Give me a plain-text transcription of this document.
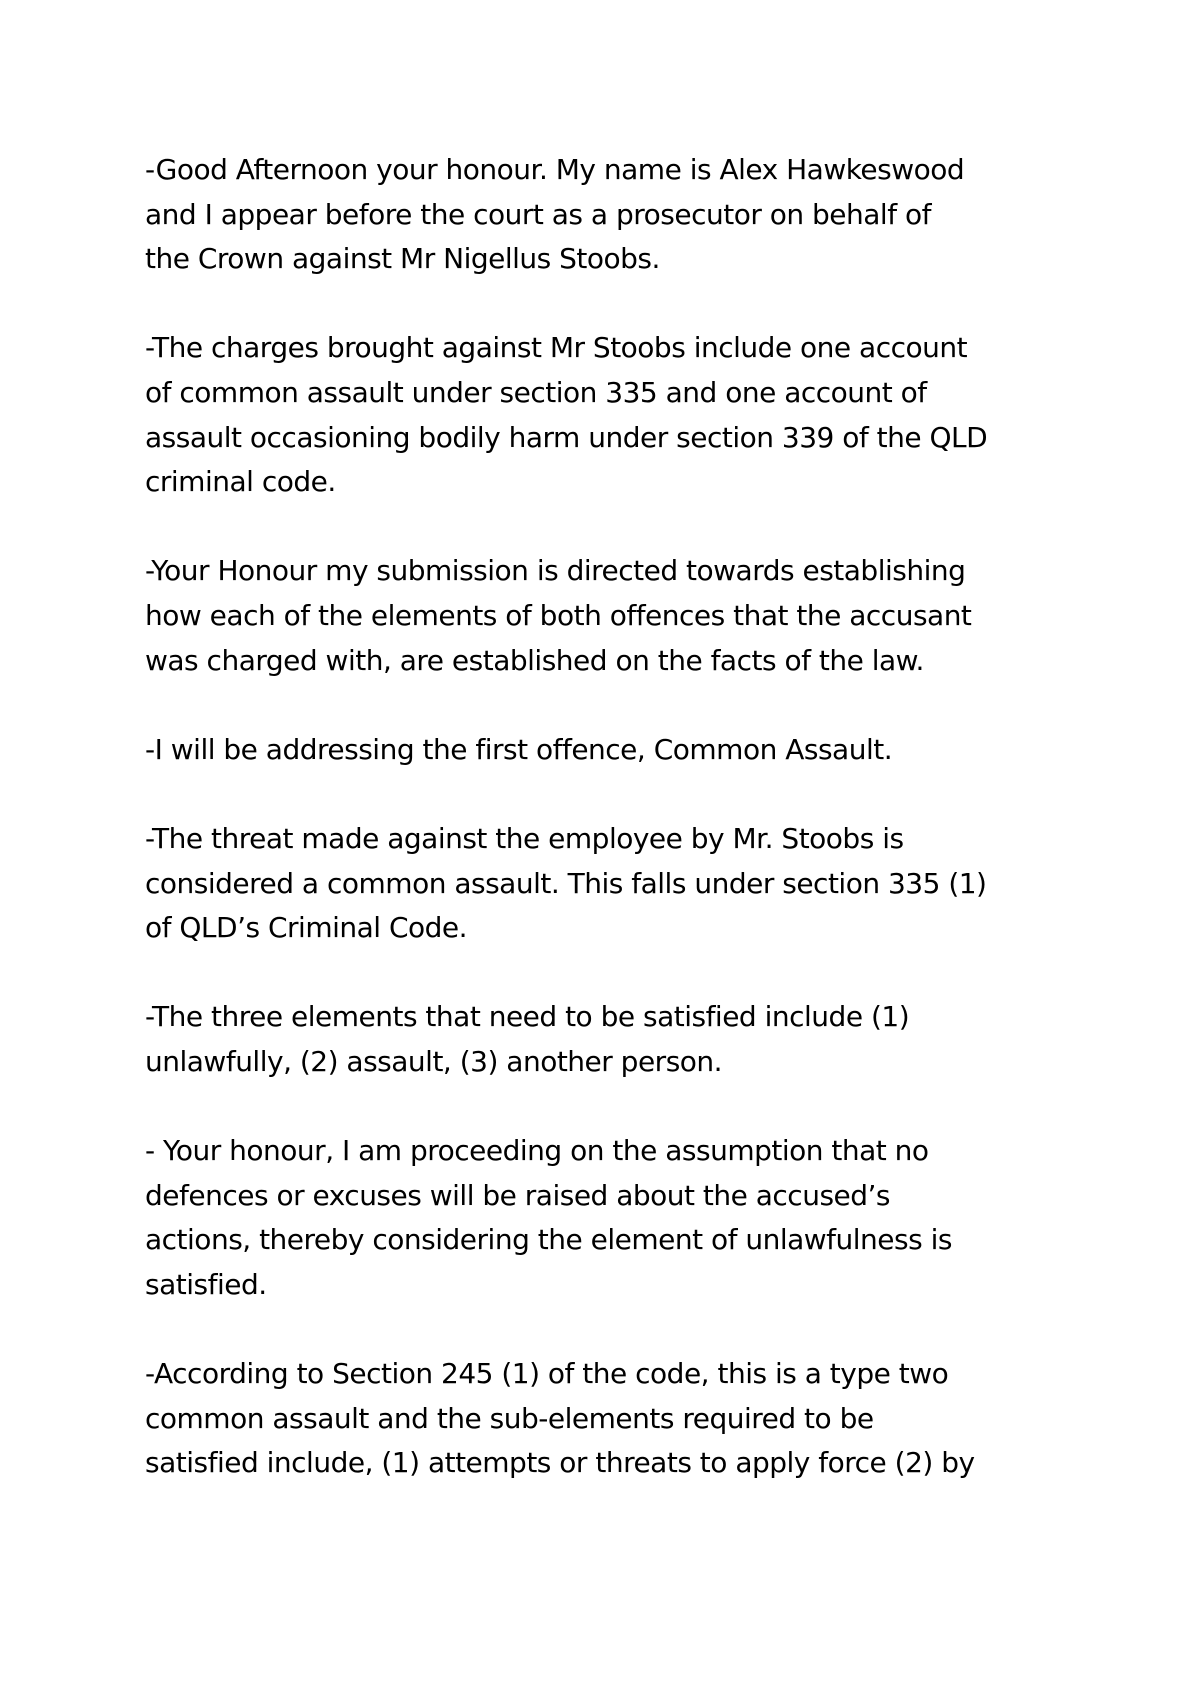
-Good Afternoon your honour. My name is Alex Hawkeswood
and I appear before the court as a prosecutor on behalf of
the Crown against Mr Nigellus Stoobs.

-The charges brought against Mr Stoobs include one account
of common assault under section 335 and one account of
assault occasioning bodily harm under section 339 of the QLD
criminal code.

-Your Honour my submission is directed towards establishing
how each of the elements of both offences that the accusant
was charged with, are established on the facts of the law.

-I will be addressing the first offence, Common Assault.

-The threat made against the employee by Mr. Stoobs is
considered a common assault. This falls under section 335 (1)
of QLD’s Criminal Code.

-The three elements that need to be satisfied include (1)
unlawfully, (2) assault, (3) another person.

- Your honour, I am proceeding on the assumption that no
defences or excuses will be raised about the accused’s
actions, thereby considering the element of unlawfulness is
satisfied.

-According to Section 245 (1) of the code, this is a type two
common assault and the sub-elements required to be
satisfied include, (1) attempts or threats to apply force (2) by
